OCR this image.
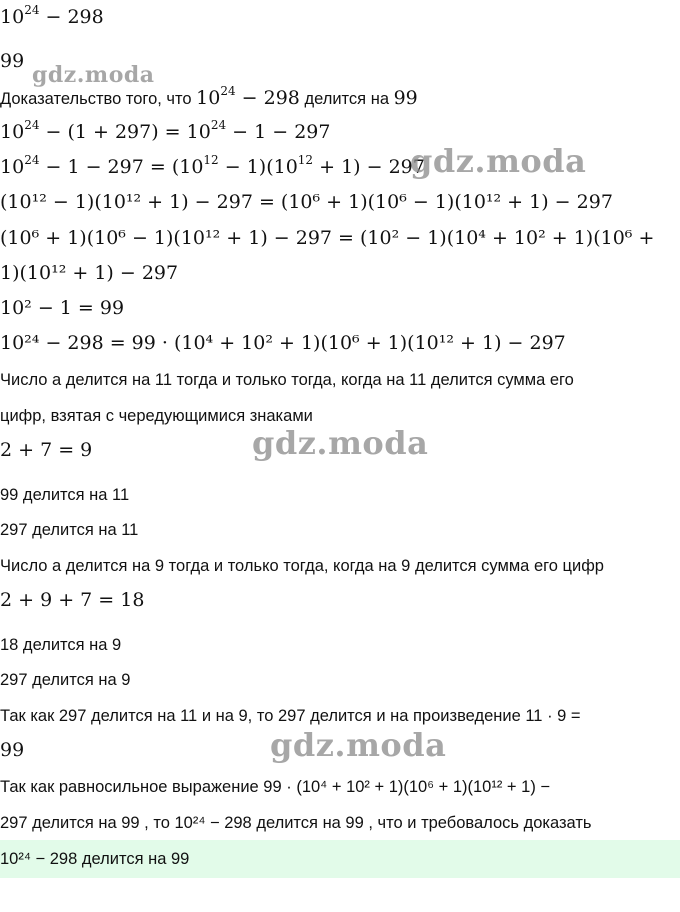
$10^{24} - 298$
99
Доказательство того, что $10^{24} - 298$ делится на 99
$10^{24} - (1 + 297) = 10^{24} - 1 - 297$
$10^{24} - 1 - 297 = (10^{12} - 1)(10^{12} + 1) - 297$
(10¹² − 1)(10¹² + 1) − 297 = (10⁶ + 1)(10⁶ − 1)(10¹² + 1) − 297
(10⁶ + 1)(10⁶ − 1)(10¹² + 1) − 297 = (10² − 1)(10⁴ + 10² + 1)(10⁶ +
1)(10¹² + 1) − 297
10² − 1 = 99
10²⁴ − 298 = 99 · (10⁴ + 10² + 1)(10⁶ + 1)(10¹² + 1) − 297
Число a делится на 11 тогда и только тогда, когда на 11 делится сумма его
цифр, взятая с чередующимися знаками
2 + 7 = 9
99 делится на 11
297 делится на 11
Число a делится на 9 тогда и только тогда, когда на 9 делится сумма его цифр
2 + 9 + 7 = 18
18 делится на 9
297 делится на 9
Так как 297 делится на 11 и на 9, то 297 делится и на произведение 11 · 9 =
99
Так как равносильное выражение 99 · (10⁴ + 10² + 1)(10⁶ + 1)(10¹² + 1) −
297 делится на 99 , то 10²⁴ − 298 делится на 99 , что и требовалось доказать
10²⁴ − 298 делится на 99
gdz.moda
gdz.moda
gdz.moda
gdz.moda
